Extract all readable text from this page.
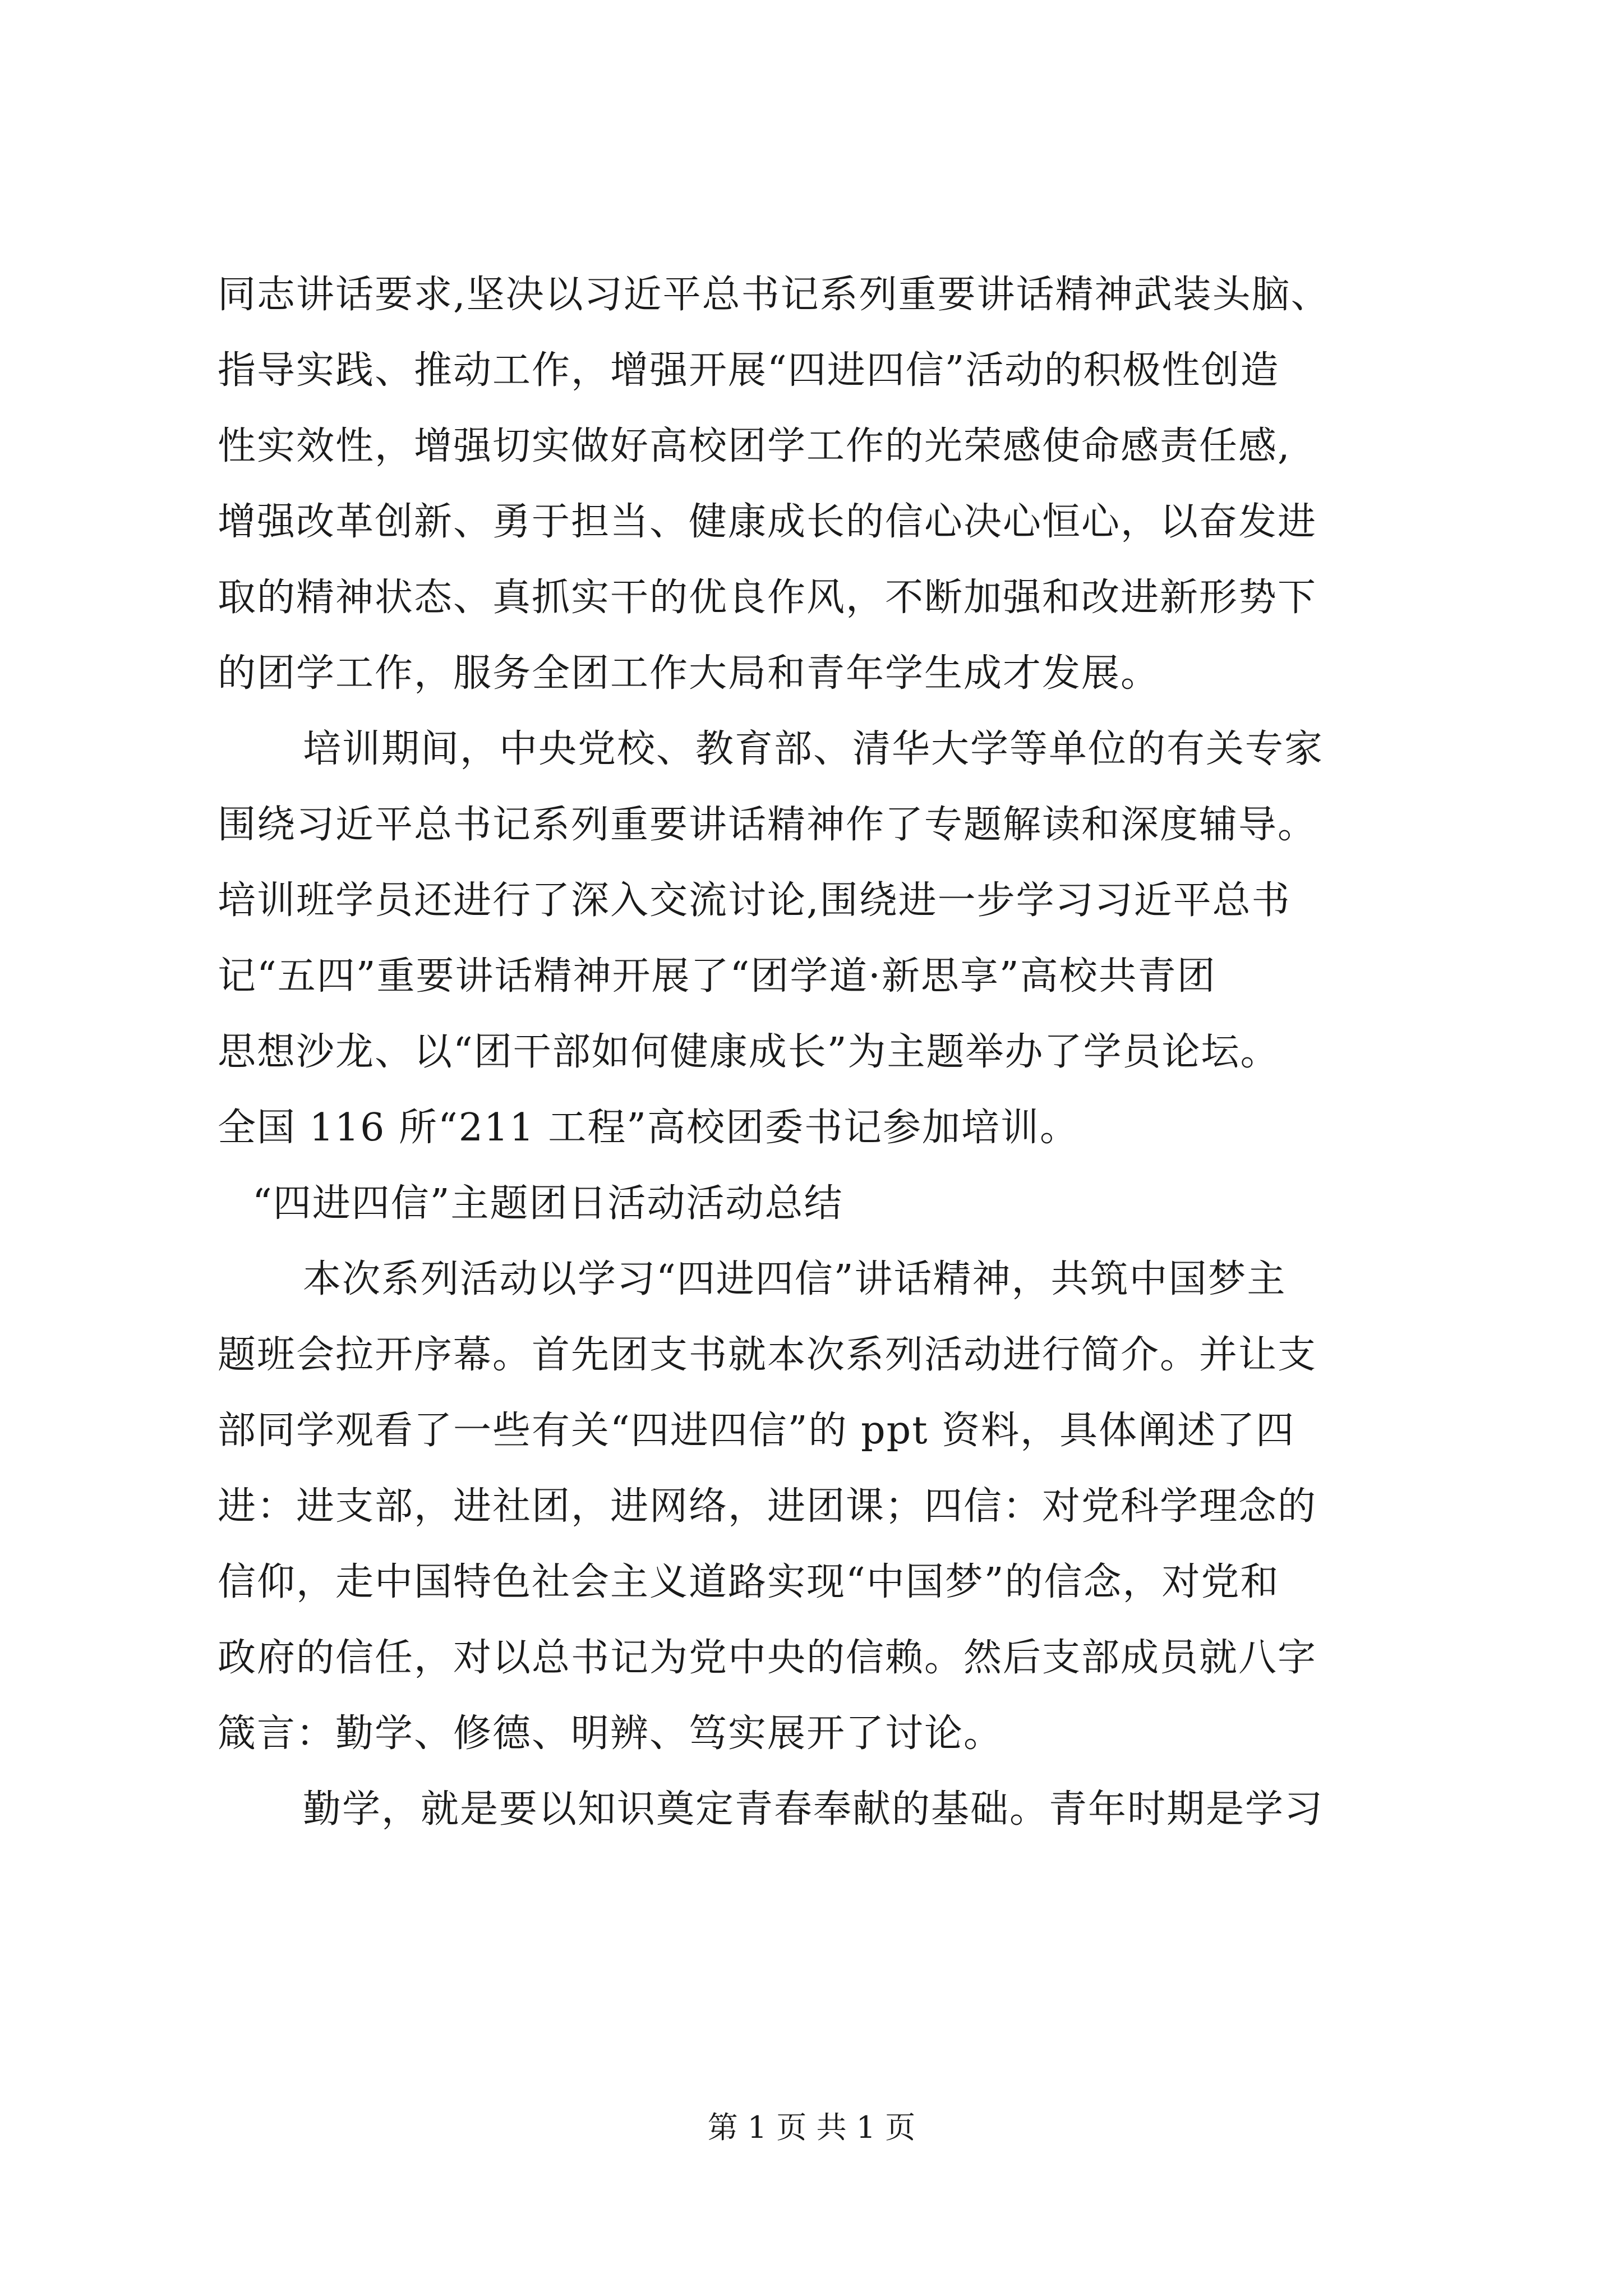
同志讲话要求,坚决以习近平总书记系列重要讲话精神武装头脑、
指导实践、推动工作，增强开展“四进四信”活动的积极性创造
性实效性，增强切实做好高校团学工作的光荣感使命感责任感,
增强改革创新、勇于担当、健康成长的信心决心恒心，以奋发进
取的精神状态、真抓实干的优良作风，不断加强和改进新形势下
的团学工作，服务全团工作大局和青年学生成才发展。
培训期间，中央党校、教育部、清华大学等单位的有关专家
围绕习近平总书记系列重要讲话精神作了专题解读和深度辅导。
培训班学员还进行了深入交流讨论,围绕进一步学习习近平总书
记“五四”重要讲话精神开展了“团学道·新思享”高校共青团
思想沙龙、以“团干部如何健康成长”为主题举办了学员论坛。
全国 116 所“211 工程”高校团委书记参加培训。
“四进四信”主题团日活动活动总结
本次系列活动以学习“四进四信”讲话精神，共筑中国梦主
题班会拉开序幕。首先团支书就本次系列活动进行简介。并让支
部同学观看了一些有关“四进四信”的 ppt 资料，具体阐述了四
进：进支部，进社团，进网络，进团课；四信：对党科学理念的
信仰，走中国特色社会主义道路实现“中国梦”的信念，对党和
政府的信任，对以总书记为党中央的信赖。然后支部成员就八字
箴言：勤学、修德、明辨、笃实展开了讨论。
勤学，就是要以知识奠定青春奉献的基础。青年时期是学习
第 1 页 共 1 页
